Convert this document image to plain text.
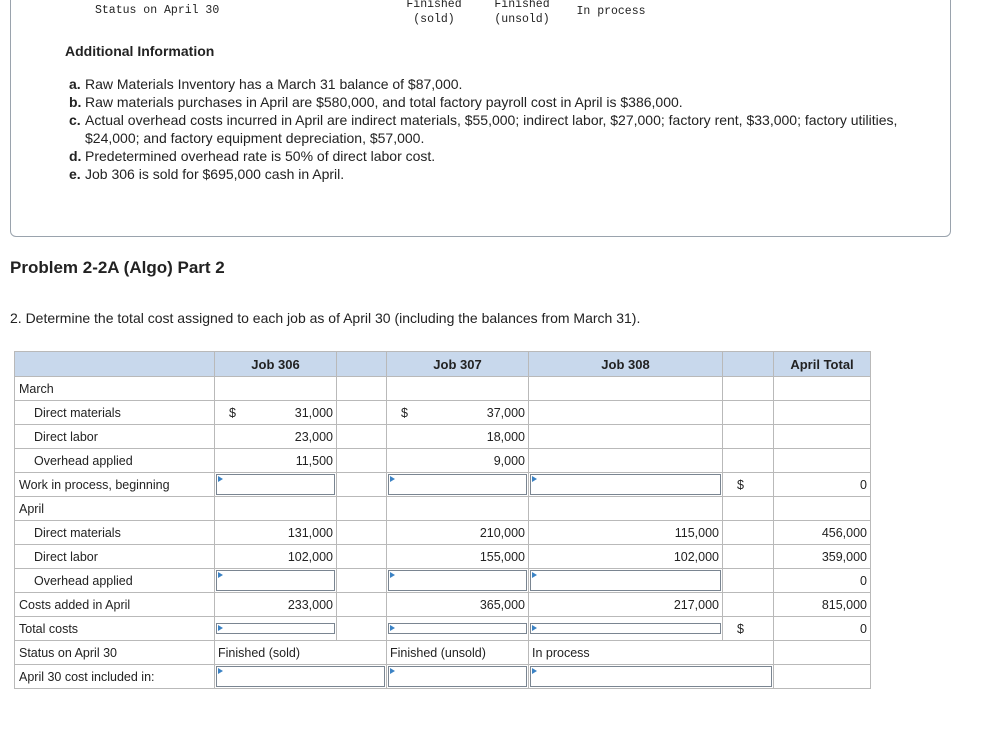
Status on April 30	Finished
(sold)
Finished
(unsold)
In process
Additional Information
a. Raw Materials Inventory has a March 31 balance of $87,000.
b. Raw materials purchases in April are $580,000, and total factory payroll cost in April is $386,000.
c. Actual overhead costs incurred in April are indirect materials, $55,000; indirect labor, $27,000; factory rent, $33,000; factory utilities, $24,000; and factory equipment depreciation, $57,000.
d. Predetermined overhead rate is 50% of direct labor cost.
e. Job 306 is sold for $695,000 cash in April.
Problem 2-2A (Algo) Part 2
2. Determine the total cost assigned to each job as of April 30 (including the balances from March 31).
	Job 306		Job 307	Job 308		April Total
March						
Direct materials	$ 31,000		$ 37,000			
Direct labor	23,000		18,000			
Overhead applied	11,500		9,000			
Work in process, beginning					$	0
April						
Direct materials	131,000		210,000	115,000		456,000
Direct labor	102,000		155,000	102,000		359,000
Overhead applied						0
Costs added in April	233,000		365,000	217,000		815,000
Total costs					$	0
Status on April 30	Finished (sold)		Finished (unsold)	In process		
April 30 cost included in:			
